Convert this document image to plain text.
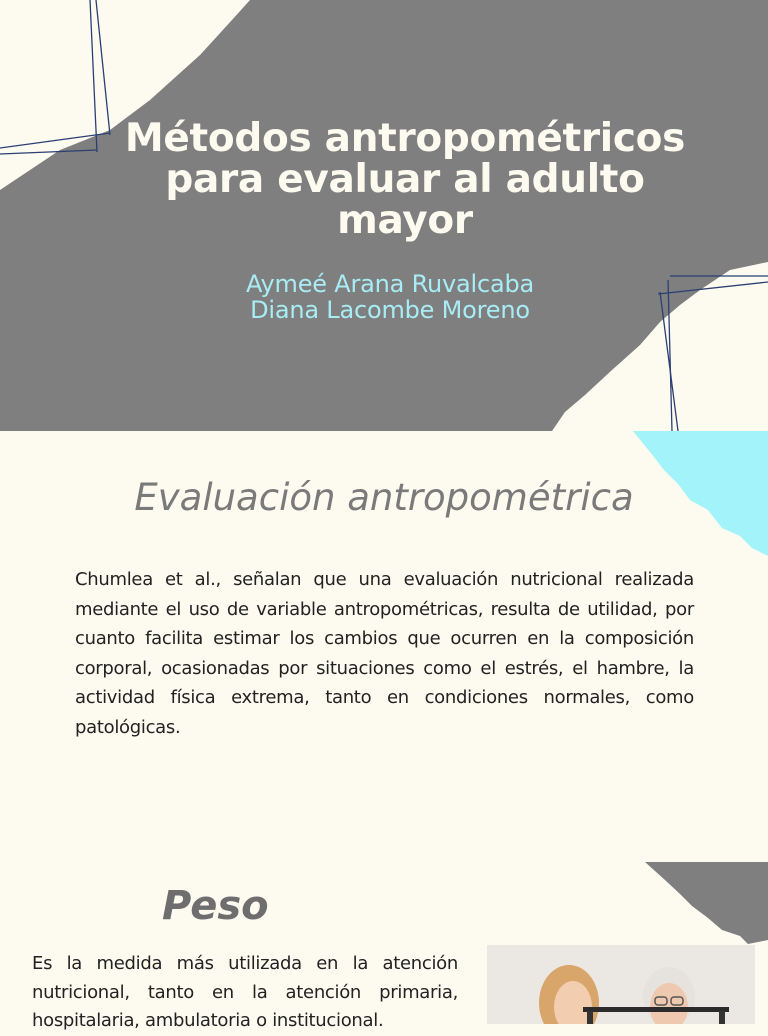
Métodos antropométricos para evaluar al adulto mayor
Aymeé Arana Ruvalcaba
Diana Lacombe Moreno
Evaluación antropométrica

Chumlea et al., señalan que una evaluación nutricional realizada mediante el uso de variable antropométricas, resulta de utilidad, por cuanto facilita estimar los cambios que ocurren en la composición corporal, ocasionadas por situaciones como el estrés, el hambre, la actividad física extrema, tanto en condiciones normales, como patológicas.

Peso

Es la medida más utilizada en la atención nutricional, tanto en la atención primaria, hospitalaria, ambulatoria o institucional.
